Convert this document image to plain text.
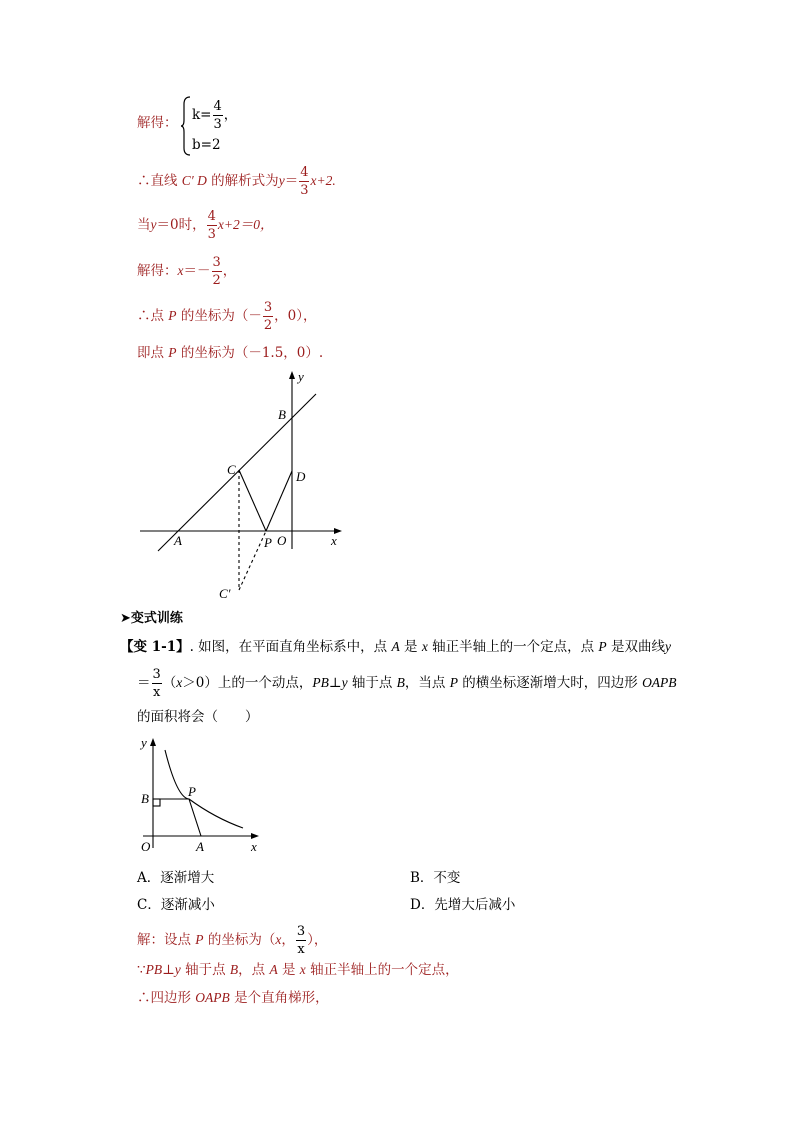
解得： $k= \frac{4}{3}$ ，
b=2
∴直线 C′ D 的解析式为$y= \frac{4}{3} x+2$.
当y＝0时， $\frac{4}{3} x+2=0$，
解得：$x=- \frac{3}{2}$ ，
∴点 P 的坐标为（－ $\frac{3}{2}$ ，0），
即点 P 的坐标为（－1.5，0）.
y
x
B
C	D
A	P O
C′
➤变式训练
【变 1-1】. 如图，在平面直角坐标系中，点 A 是 x 轴正半轴上的一个定点，点 P 是双曲线y
＝ $\frac{3}{x} (x>0)$上的一个动点，PB⊥y 轴于点 B，当点 P 的横坐标逐渐增大时，四边形 OAPB
的面积将会（　　）
y
x
B	P
O	A
A．逐渐增大	B．不变
C．逐渐减小	D．先增大后减小
解：设点 P 的坐标为（x， $\frac{3}{x}$ ），
∵PB⊥y 轴于点 B，点 A 是 x 轴正半轴上的一个定点，
∴四边形 OAPB 是个直角梯形，
